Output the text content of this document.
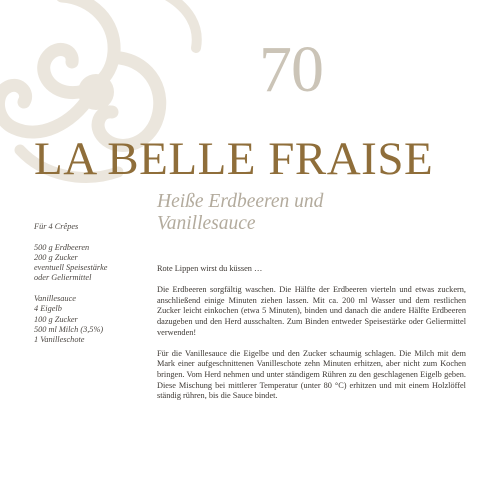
70
LA BELLE FRAISE
Heiße Erdbeeren und Vanillesauce
Für 4 Crêpes
500 g Erdbeeren
200 g Zucker
eventuell Speisestärke
oder Geliermittel
Vanillesauce
4 Eigelb
100 g Zucker
500 ml Milch (3,5%)
1 Vanilleschote

Rote Lippen wirst du küssen …

Die Erdbeeren sorgfältig waschen. Die Hälfte der Erdbeeren vierteln und etwas zuckern, anschließend einige Minuten ziehen lassen. Mit ca. 200 ml Wasser und dem restlichen Zucker leicht einkochen (etwa 5 Minuten), binden und danach die andere Hälfte Erdbeeren dazugeben und den Herd ausschalten. Zum Binden entweder Speisestärke oder Geliermittel verwenden!

Für die Vanillesauce die Eigelbe und den Zucker schaumig schlagen. Die Milch mit dem Mark einer aufgeschnittenen Vanilleschote zehn Minuten erhitzen, aber nicht zum Kochen bringen. Vom Herd nehmen und unter ständigem Rühren zu den geschlagenen Eigelb geben. Diese Mischung bei mittlerer Temperatur (unter 80 °C) erhitzen und mit einem Holzlöffel ständig rühren, bis die Sauce bindet.
